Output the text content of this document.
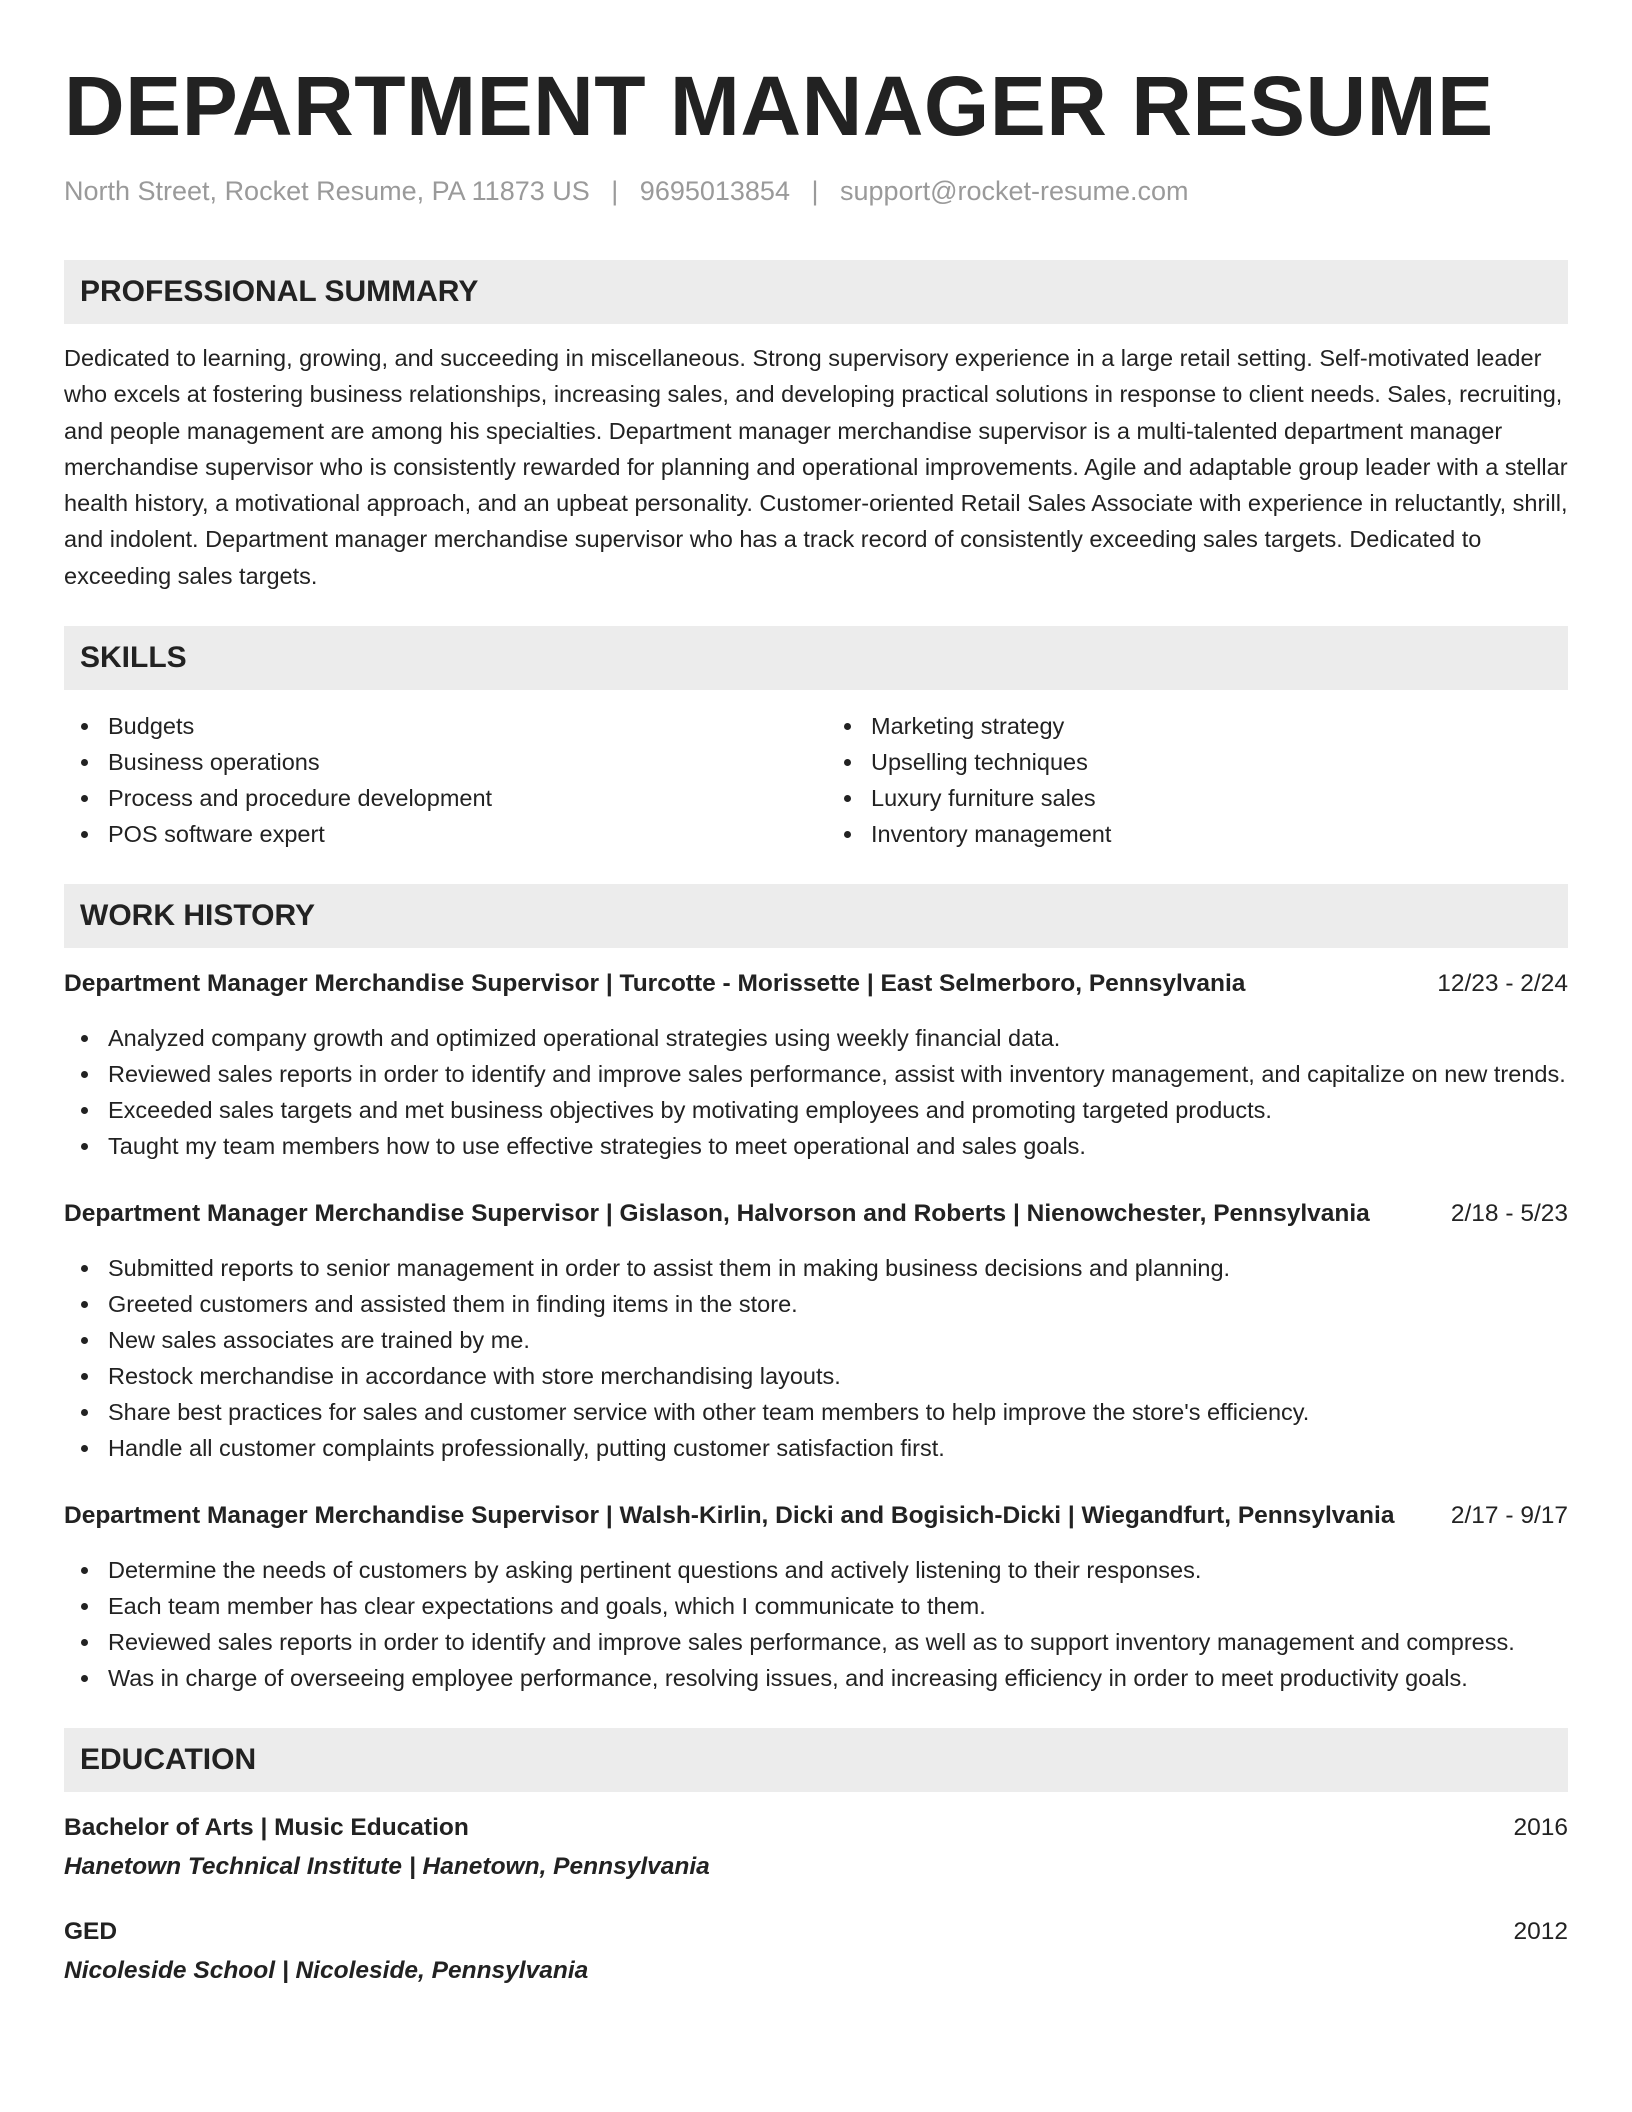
DEPARTMENT MANAGER RESUME
North Street, Rocket Resume, PA 11873 US | 9695013854 | support@rocket-resume.com
PROFESSIONAL SUMMARY
Dedicated to learning, growing, and succeeding in miscellaneous. Strong supervisory experience in a large retail setting. Self-motivated leader who excels at fostering business relationships, increasing sales, and developing practical solutions in response to client needs. Sales, recruiting, and people management are among his specialties. Department manager merchandise supervisor is a multi-talented department manager merchandise supervisor who is consistently rewarded for planning and operational improvements. Agile and adaptable group leader with a stellar health history, a motivational approach, and an upbeat personality. Customer-oriented Retail Sales Associate with experience in reluctantly, shrill, and indolent. Department manager merchandise supervisor who has a track record of consistently exceeding sales targets. Dedicated to exceeding sales targets.
SKILLS
Budgets
Business operations
Process and procedure development
POS software expert
Marketing strategy
Upselling techniques
Luxury furniture sales
Inventory management
WORK HISTORY
Department Manager Merchandise Supervisor | Turcotte - Morissette | East Selmerboro, Pennsylvania	12/23 - 2/24
Analyzed company growth and optimized operational strategies using weekly financial data.
Reviewed sales reports in order to identify and improve sales performance, assist with inventory management, and capitalize on new trends.
Exceeded sales targets and met business objectives by motivating employees and promoting targeted products.
Taught my team members how to use effective strategies to meet operational and sales goals.
Department Manager Merchandise Supervisor | Gislason, Halvorson and Roberts | Nienowchester, Pennsylvania	2/18 - 5/23
Submitted reports to senior management in order to assist them in making business decisions and planning.
Greeted customers and assisted them in finding items in the store.
New sales associates are trained by me.
Restock merchandise in accordance with store merchandising layouts.
Share best practices for sales and customer service with other team members to help improve the store's efficiency.
Handle all customer complaints professionally, putting customer satisfaction first.
Department Manager Merchandise Supervisor | Walsh-Kirlin, Dicki and Bogisich-Dicki | Wiegandfurt, Pennsylvania 2/17 - 9/17
Determine the needs of customers by asking pertinent questions and actively listening to their responses.
Each team member has clear expectations and goals, which I communicate to them.
Reviewed sales reports in order to identify and improve sales performance, as well as to support inventory management and compress.
Was in charge of overseeing employee performance, resolving issues, and increasing efficiency in order to meet productivity goals.
EDUCATION
Bachelor of Arts | Music Education	2016
Hanetown Technical Institute | Hanetown, Pennsylvania
GED	2012
Nicoleside School | Nicoleside, Pennsylvania
